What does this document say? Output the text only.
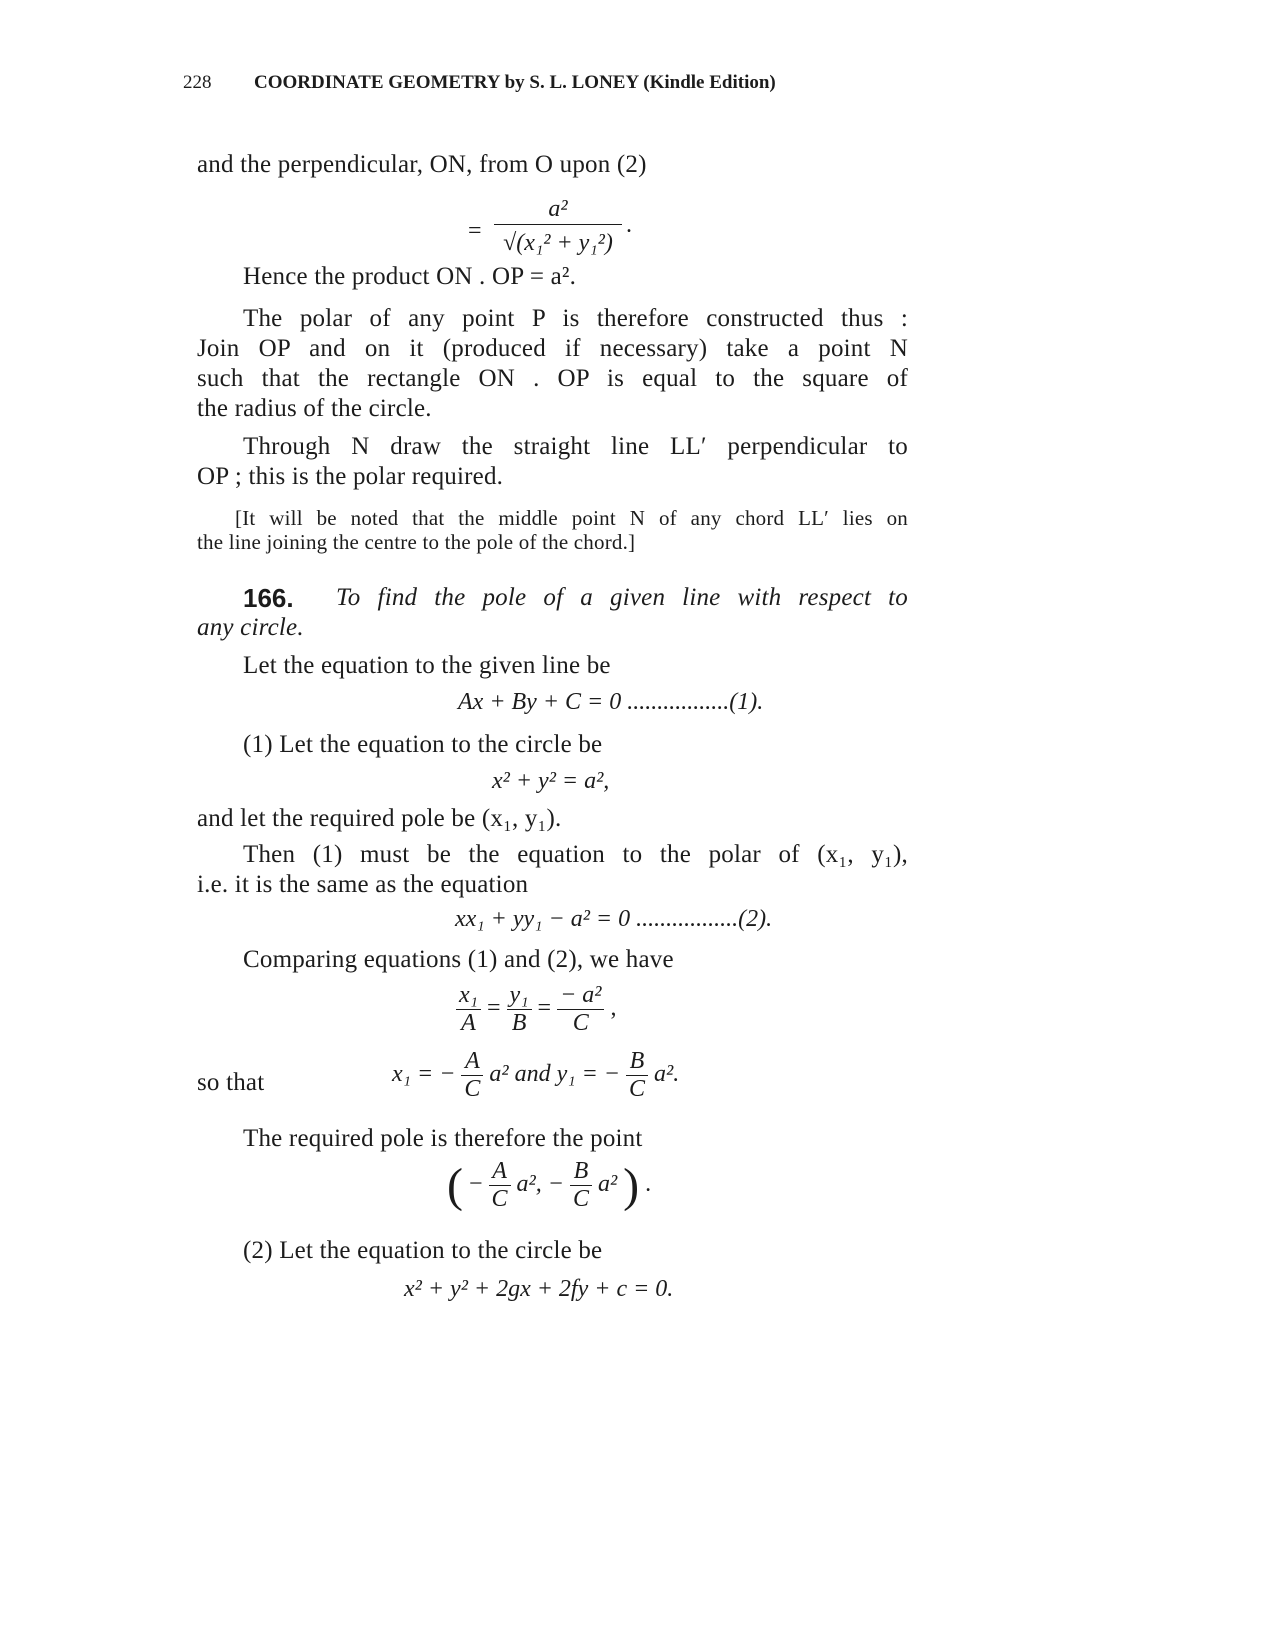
228 COORDINATE GEOMETRY by S. L. LONEY (Kindle Edition)
and the perpendicular, ON, from O upon (2)
=
a²
√(x₁² + y₁²)
.
Hence the product ON . OP = a².
The polar of any point P is therefore constructed thus :
Join OP and on it (produced if necessary) take a point N
such that the rectangle ON . OP is equal to the square of
the radius of the circle.
Through N draw the straight line LL′ perpendicular to
OP ; this is the polar required.
[It will be noted that the middle point N of any chord LL′ lies on
the line joining the centre to the pole of the chord.]
166. To find the pole of a given line with respect to
any circle.
Let the equation to the given line be
Ax + By + C = 0 .................(1).
(1) Let the equation to the circle be
x² + y² = a²,
and let the required pole be (x₁, y₁).
Then (1) must be the equation to the polar of (x₁, y₁),
i.e. it is the same as the equation
xx₁ + yy₁ − a² = 0 .................(2).
Comparing equations (1) and (2), we have
$\frac{\text{x₁}}{A} = \frac{\text{y₁}}{B} = \frac{\text{− a²}}{C}$ ,
so that	x₁ = − $\frac{A}{C} a^2$ and y₁ = − $\frac{B}{C} a^2$.
The required pole is therefore the point
( − $\frac{A}{C} a^2$, − $\frac{B}{C} a^2$ ) .
(2) Let the equation to the circle be
x² + y² + 2gx + 2fy + c = 0.
